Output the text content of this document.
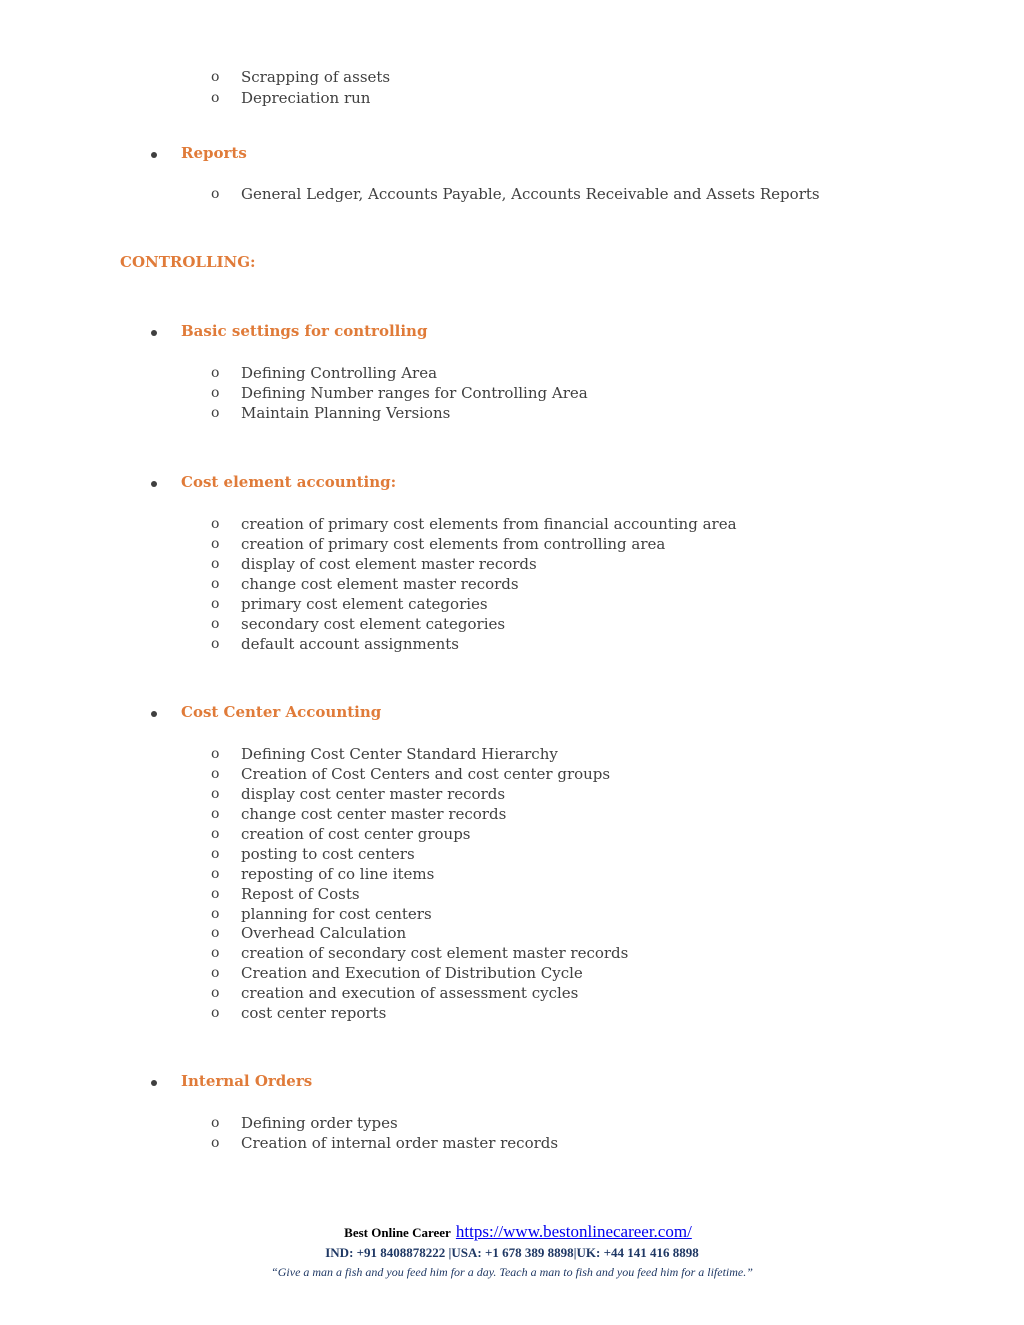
o Scrapping of assets
o Depreciation run
Reports
o General Ledger, Accounts Payable, Accounts Receivable and Assets Reports
CONTROLLING:
Basic settings for controlling
o Defining Controlling Area
o Defining Number ranges for Controlling Area
o Maintain Planning Versions
Cost element accounting:
o creation of primary cost elements from financial accounting area
o creation of primary cost elements from controlling area
o display of cost element master records
o change cost element master records
o primary cost element categories
o secondary cost element categories
o default account assignments
Cost Center Accounting
o Defining Cost Center Standard Hierarchy
o Creation of Cost Centers and cost center groups
o display cost center master records
o change cost center master records
o creation of cost center groups
o posting to cost centers
o reposting of co line items
o Repost of Costs
o planning for cost centers
o Overhead Calculation
o creation of secondary cost element master records
o Creation and Execution of Distribution Cycle
o creation and execution of assessment cycles
o cost center reports
Internal Orders
o Defining order types
o Creation of internal order master records
Best Online Career https://www.bestonlinecareer.com/
IND: +91 8408878222 |USA: +1 678 389 8898|UK: +44 141 416 8898
“Give a man a fish and you feed him for a day. Teach a man to fish and you feed him for a lifetime.”
